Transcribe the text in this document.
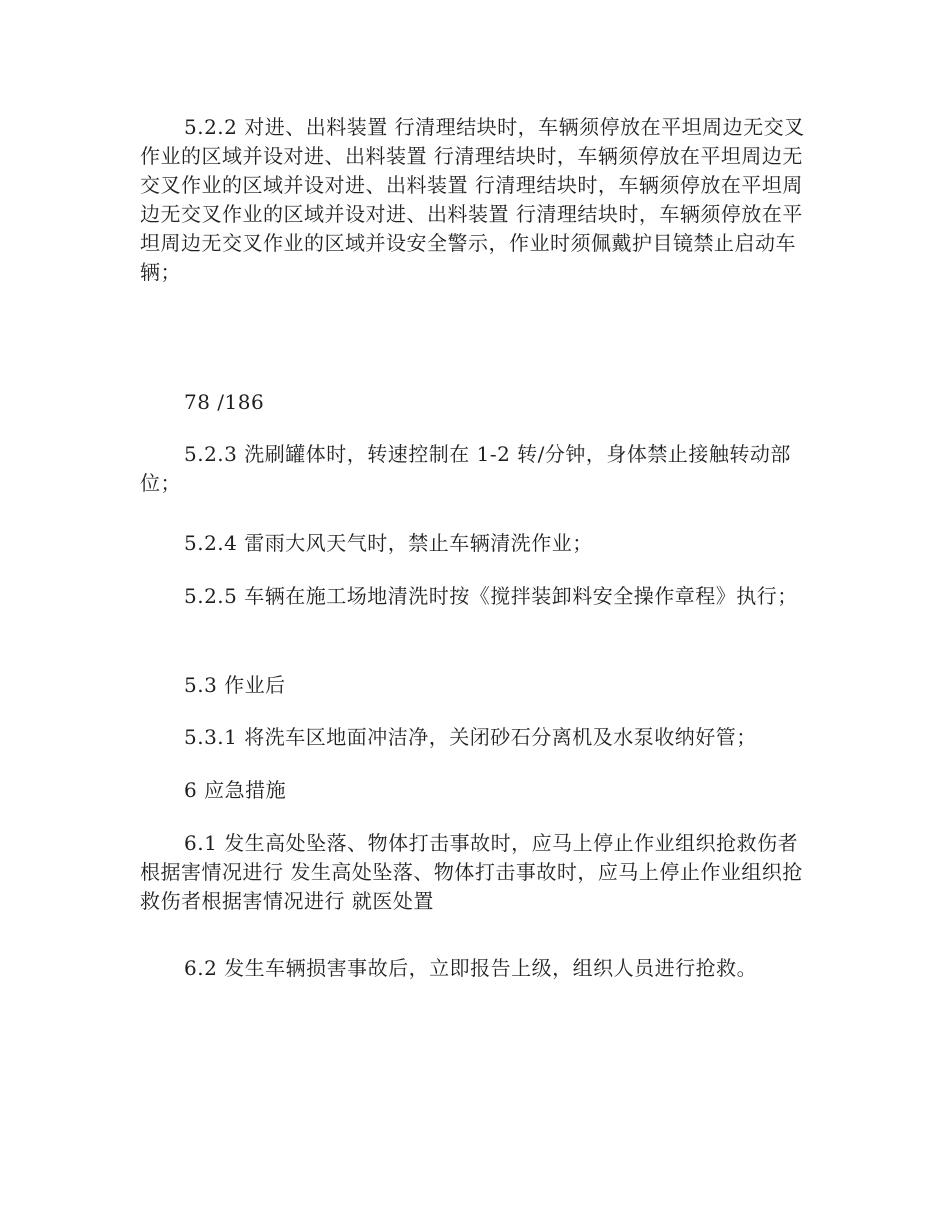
5.2.2 对进、出料装置 行清理结块时，车辆须停放在平坦周边无交叉作业的区域并设对进、出料装置 行清理结块时，车辆须停放在平坦周边无交叉作业的区域并设对进、出料装置 行清理结块时，车辆须停放在平坦周边无交叉作业的区域并设对进、出料装置 行清理结块时，车辆须停放在平坦周边无交叉作业的区域并设安全警示，作业时须佩戴护目镜禁止启动车辆；

78 /186

5.2.3 洗刷罐体时，转速控制在 1-2 转/分钟，身体禁止接触转动部位；

5.2.4 雷雨大风天气时，禁止车辆清洗作业；

5.2.5 车辆在施工场地清洗时按《搅拌装卸料安全操作章程》执行；

5.3 作业后

5.3.1 将洗车区地面冲洁净，关闭砂石分离机及水泵收纳好管；

6 应急措施

6.1 发生高处坠落、物体打击事故时，应马上停止作业组织抢救伤者根据害情况进行 发生高处坠落、物体打击事故时，应马上停止作业组织抢救伤者根据害情况进行 就医处置

6.2 发生车辆损害事故后，立即报告上级，组织人员进行抢救。
